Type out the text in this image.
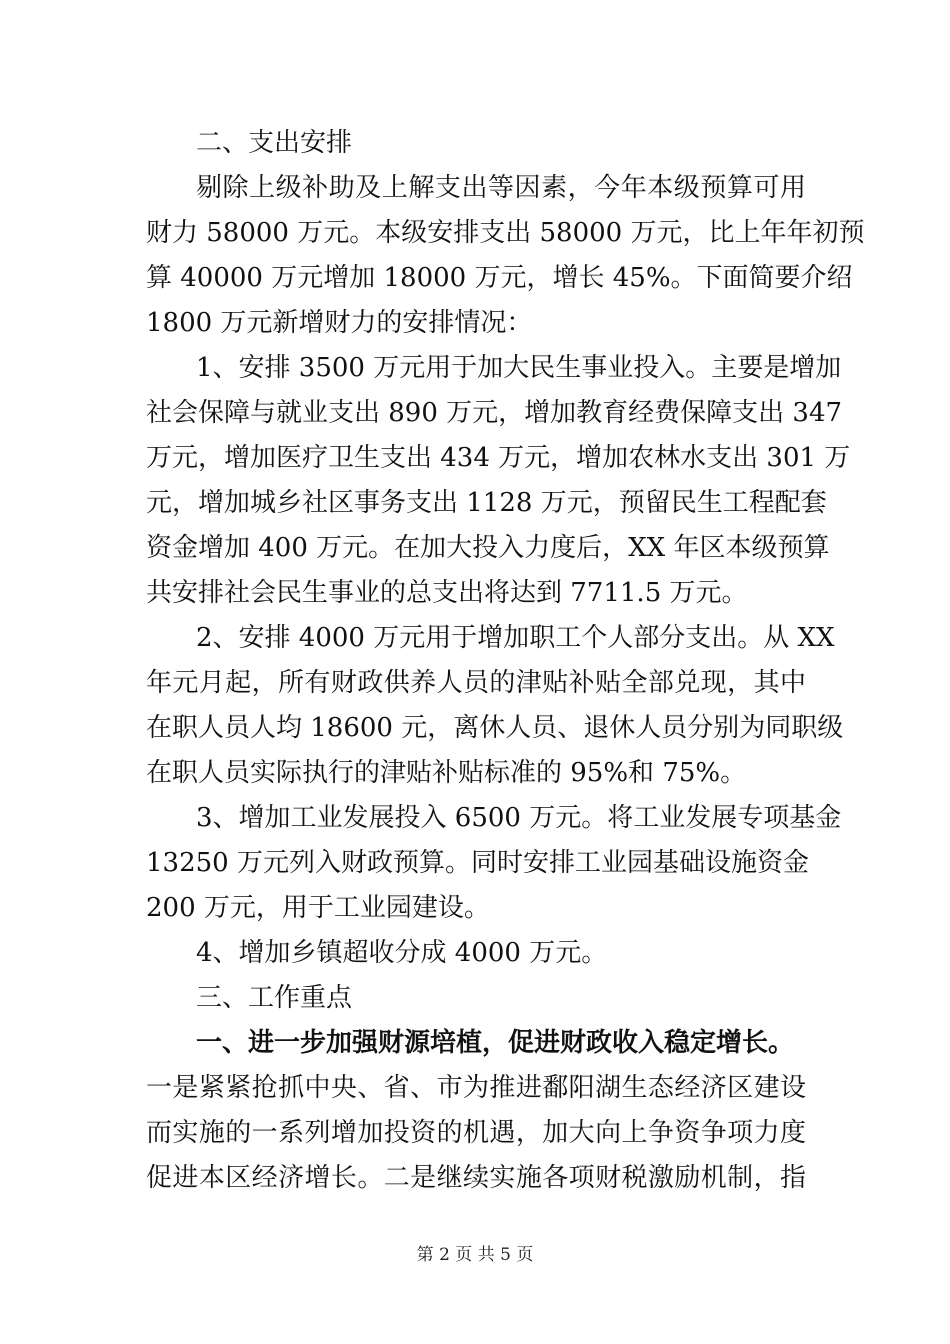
二、支出安排
剔除上级补助及上解支出等因素，今年本级预算可用
财力 58000 万元。本级安排支出 58000 万元，比上年年初预
算 40000 万元增加 18000 万元，增长 45%。下面简要介绍
1800 万元新增财力的安排情况：
1、安排 3500 万元用于加大民生事业投入。主要是增加
社会保障与就业支出 890 万元，增加教育经费保障支出 347
万元，增加医疗卫生支出 434 万元，增加农林水支出 301 万
元，增加城乡社区事务支出 1128 万元，预留民生工程配套
资金增加 400 万元。在加大投入力度后，XX 年区本级预算
共安排社会民生事业的总支出将达到 7711.5 万元。
2、安排 4000 万元用于增加职工个人部分支出。从 XX
年元月起，所有财政供养人员的津贴补贴全部兑现，其中
在职人员人均 18600 元，离休人员、退休人员分别为同职级
在职人员实际执行的津贴补贴标准的 95%和 75%。
3、增加工业发展投入 6500 万元。将工业发展专项基金
13250 万元列入财政预算。同时安排工业园基础设施资金
200 万元，用于工业园建设。
4、增加乡镇超收分成 4000 万元。
三、工作重点
一、进一步加强财源培植，促进财政收入稳定增长。
一是紧紧抢抓中央、省、市为推进鄱阳湖生态经济区建设
而实施的一系列增加投资的机遇，加大向上争资争项力度
促进本区经济增长。二是继续实施各项财税激励机制，指
第 2 页 共 5 页
